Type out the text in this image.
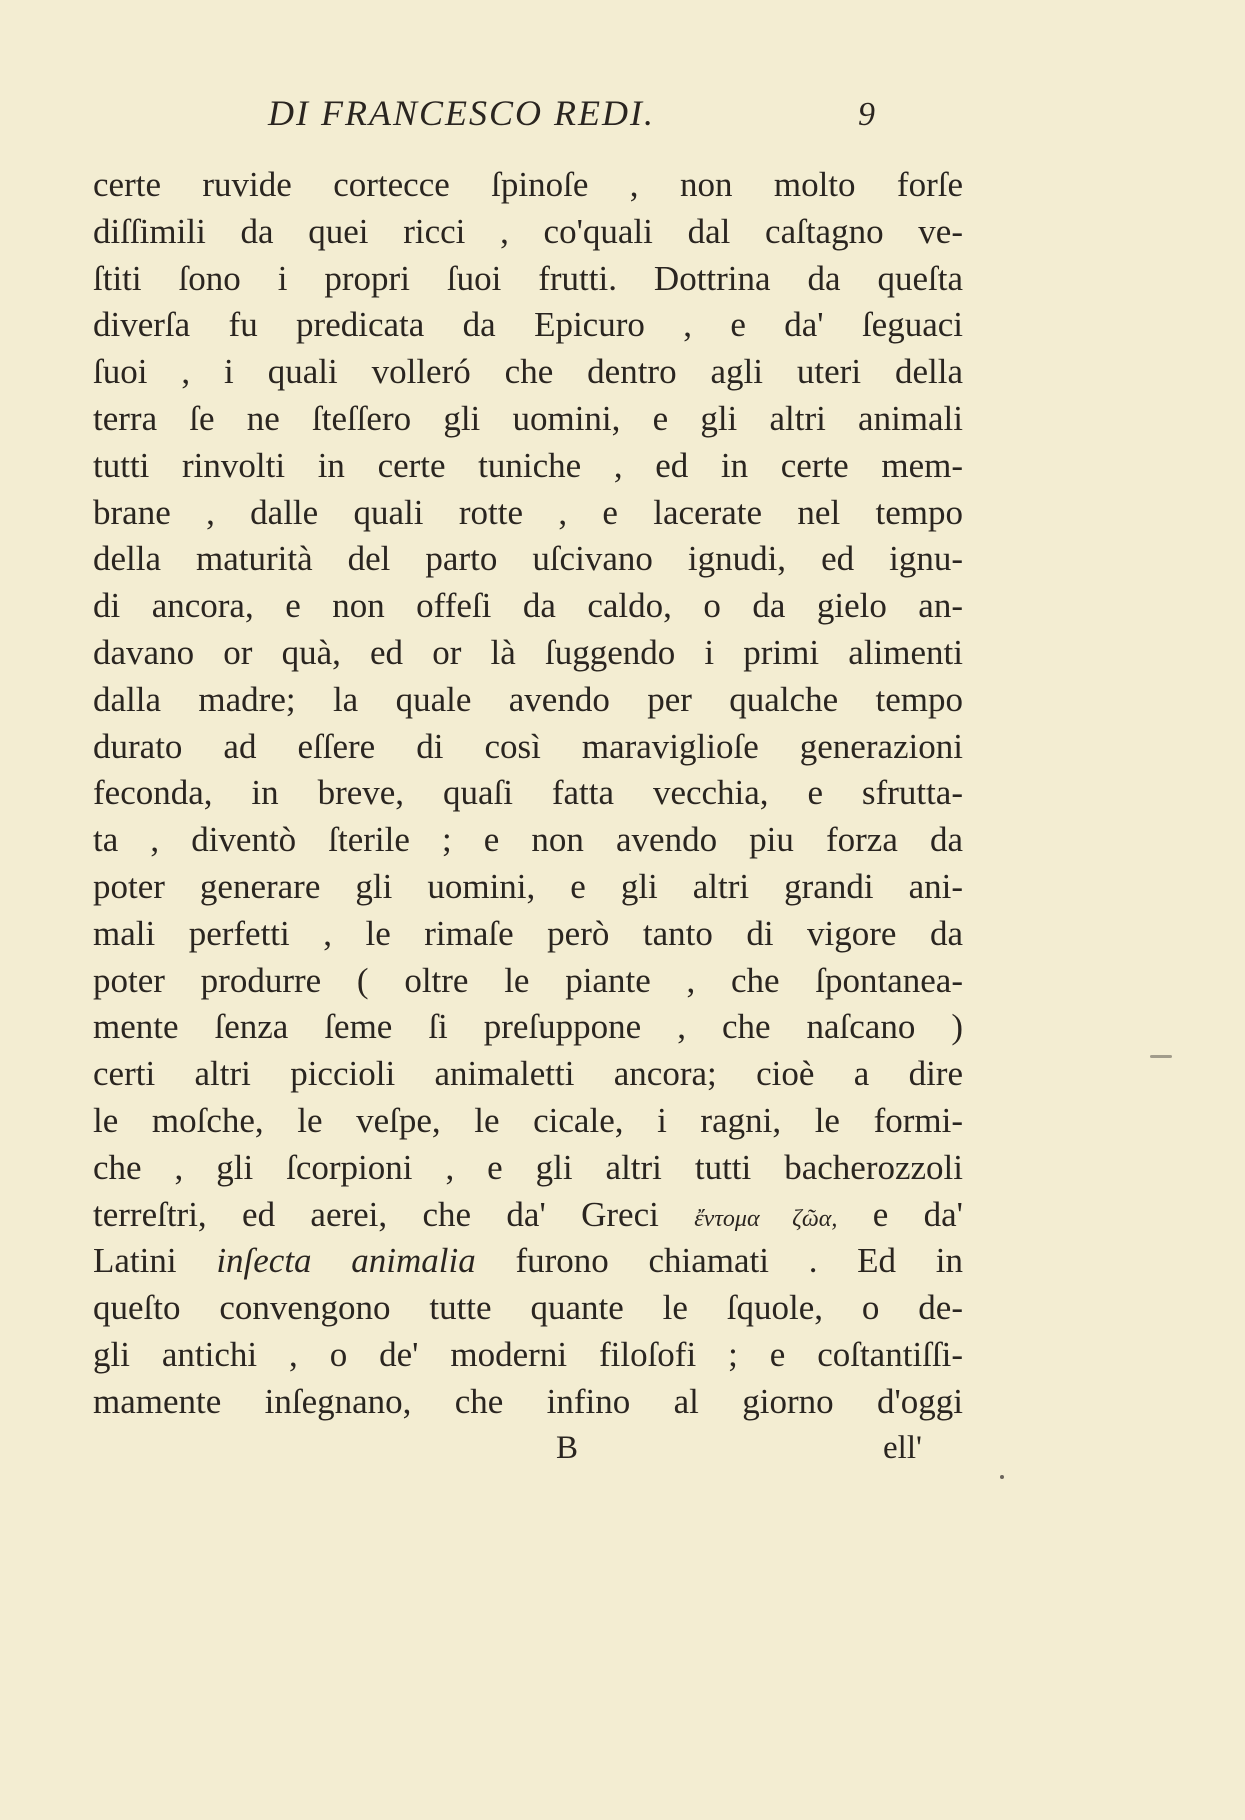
DI FRANCESCO REDI.	9
certe ruvide cortecce ſpinoſe , non molto forſe
diſſimili da quei ricci , co'quali dal caſtagno ve-
ſtiti ſono i propri ſuoi frutti. Dottrina da queſta
diverſa fu predicata da Epicuro , e da' ſeguaci
ſuoi , i quali volleró che dentro agli uteri della
terra ſe ne ſteſſero gli uomini, e gli altri animali
tutti rinvolti in certe tuniche , ed in certe mem-
brane , dalle quali rotte , e lacerate nel tempo
della maturità del parto uſcivano ignudi, ed ignu-
di ancora, e non offeſi da caldo, o da gielo an-
davano or quà, ed or là ſuggendo i primi alimenti
dalla madre; la quale avendo per qualche tempo
durato ad eſſere di così maraviglioſe generazioni
feconda, in breve, quaſi fatta vecchia, e sfrutta-
ta , diventò ſterile ; e non avendo piu forza da
poter generare gli uomini, e gli altri grandi ani-
mali perfetti , le rimaſe però tanto di vigore da
poter produrre ( oltre le piante , che ſpontanea-
mente ſenza ſeme ſi preſuppone , che naſcano )
certi altri piccioli animaletti ancora; cioè a dire
le moſche, le veſpe, le cicale, i ragni, le formi-
che , gli ſcorpioni , e gli altri tutti bacherozzoli
terreſtri, ed aerei, che da' Greci ἔντομα ζῶα, e da'
Latini inſecta animalia furono chiamati . Ed in
queſto convengono tutte quante le ſquole, o de-
gli antichi , o de' moderni filoſofi ; e coſtantiſſi-
mamente inſegnano, che infino al giorno d'oggi
B	ell'
